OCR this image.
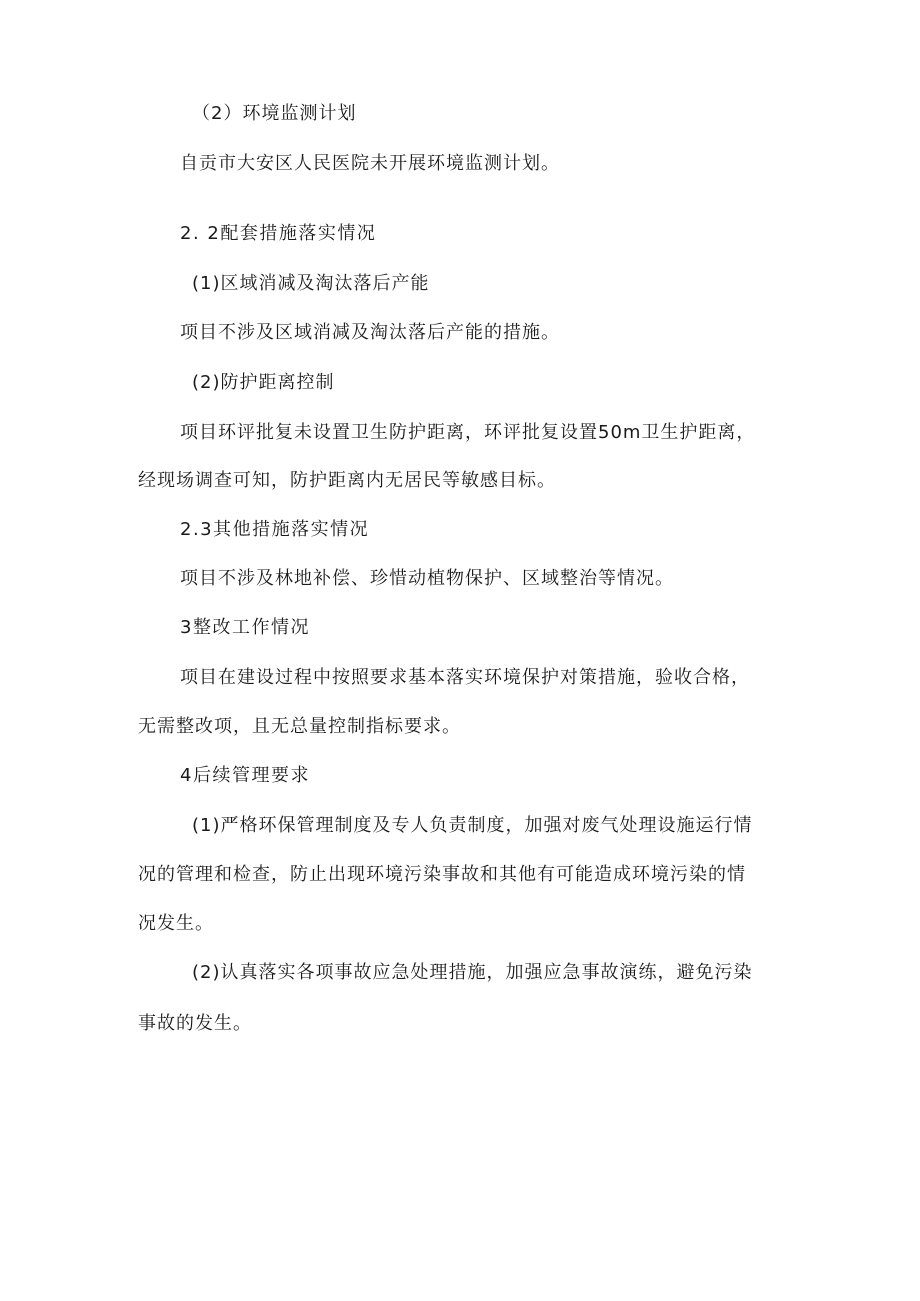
（2）环境监测计划

自贡市大安区人民医院未开展环境监测计划。

2. 2配套措施落实情况

(1)区域消减及淘汰落后产能

项目不涉及区域消减及淘汰落后产能的措施。

(2)防护距离控制

项目环评批复未设置卫生防护距离，环评批复设置50m卫生护距离，

经现场调查可知，防护距离内无居民等敏感目标。

2.3其他措施落实情况

项目不涉及林地补偿、珍惜动植物保护、区域整治等情况。

3整改工作情况

项目在建设过程中按照要求基本落实环境保护对策措施，验收合格，

无需整改项，且无总量控制指标要求。

4后续管理要求

(1)严格环保管理制度及专人负责制度，加强对废气处理设施运行情

况的管理和检查，防止出现环境污染事故和其他有可能造成环境污染的情

况发生。

(2)认真落实各项事故应急处理措施，加强应急事故演练，避免污染

事故的发生。
